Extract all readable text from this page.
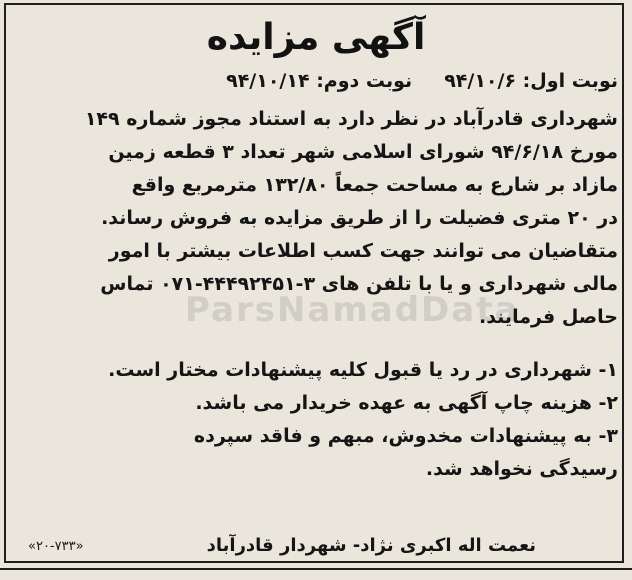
ParsNamadData
آگهی مزایده
نوبت اول: ۹۴/۱۰/۶نوبت دوم: ۹۴/۱۰/۱۴
شهرداری قادرآباد در نظر دارد به استناد مجوز شماره ۱۴۹
مورخ ۹۴/۶/۱۸ شورای اسلامی شهر تعداد ۳ قطعه زمین
مازاد بر شارع به مساحت جمعاً ۱۳۲/۸۰ مترمربع واقع
در ۲۰ متری فضیلت را از طریق مزایده به فروش رساند.
متقاضیان می توانند جهت کسب اطلاعات بیشتر با امور
مالی شهرداری و یا با تلفن های ۳-۴۴۴۹۲۴۵۱-۰۷۱ تماس
حاصل فرمایند.
۱- شهرداری در رد یا قبول کلیه پیشنهادات مختار است.
۲- هزینه چاپ آگهی به عهده خریدار می باشد.
۳- به پیشنهادات مخدوش، مبهم و فاقد سپرده
رسیدگی نخواهد شد.
نعمت اله اکبری نژاد- شهردار قادرآباد
«۲۰-۷۳۳»
